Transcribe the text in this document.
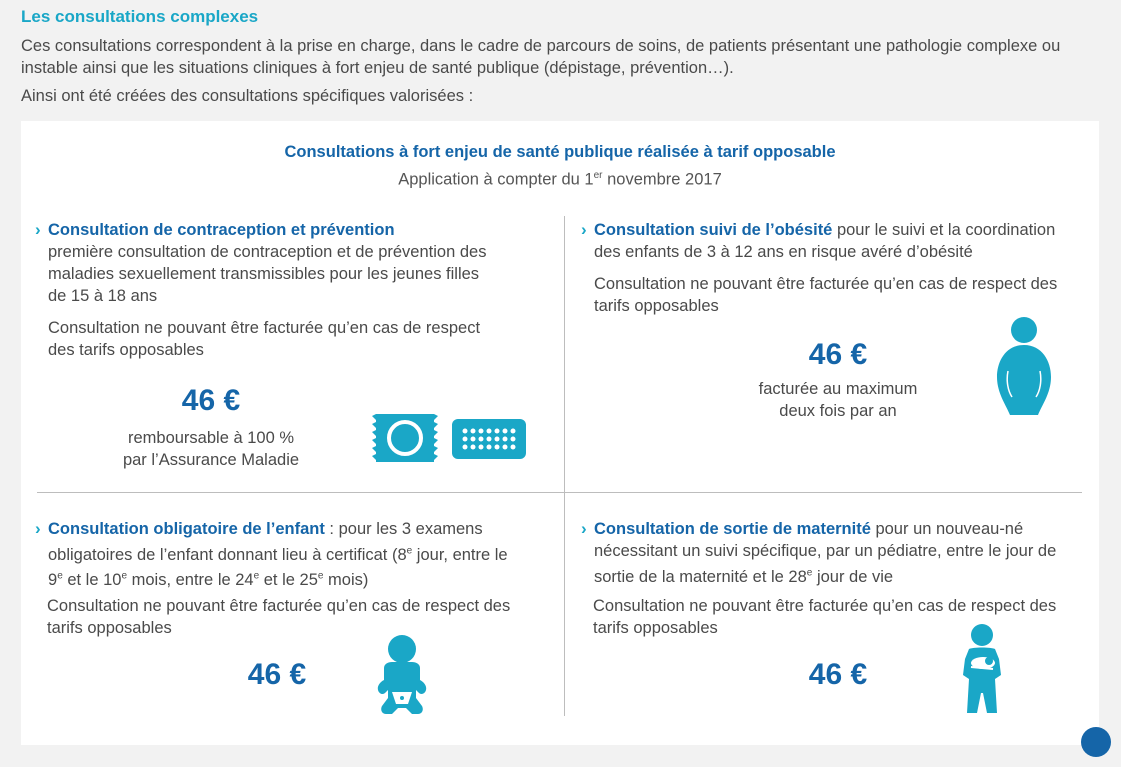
Les consultations complexes

Ces consultations correspondent à la prise en charge, dans le cadre de parcours de soins, de patients présentant une pathologie complexe ou instable ainsi que les situations cliniques à fort enjeu de santé publique (dépistage, prévention…).

Ainsi ont été créées des consultations spécifiques valorisées :
Consultations à fort enjeu de santé publique réalisée à tarif opposable
Application à compter du 1er novembre 2017
› Consultation de contraception et prévention
première consultation de contraception et de prévention des maladies sexuellement transmissibles pour les jeunes filles de 15 à 18 ans
Consultation ne pouvant être facturée qu’en cas de respect des tarifs opposables
46 €
remboursable à 100 %
par l’Assurance Maladie
› Consultation suivi de l’obésité pour le suivi et la coordination des enfants de 3 à 12 ans en risque avéré d’obésité
Consultation ne pouvant être facturée qu’en cas de respect des tarifs opposables
46 €
facturée au maximum
deux fois par an
› Consultation obligatoire de l’enfant : pour les 3 examens obligatoires de l’enfant donnant lieu à certificat (8e jour, entre le 9e et le 10e mois, entre le 24e et le 25e mois)
Consultation ne pouvant être facturée qu’en cas de respect des tarifs opposables
46 €
› Consultation de sortie de maternité pour un nouveau-né nécessitant un suivi spécifique, par un pédiatre, entre le jour de sortie de la maternité et le 28e jour de vie
Consultation ne pouvant être facturée qu’en cas de respect des tarifs opposables
46 €
